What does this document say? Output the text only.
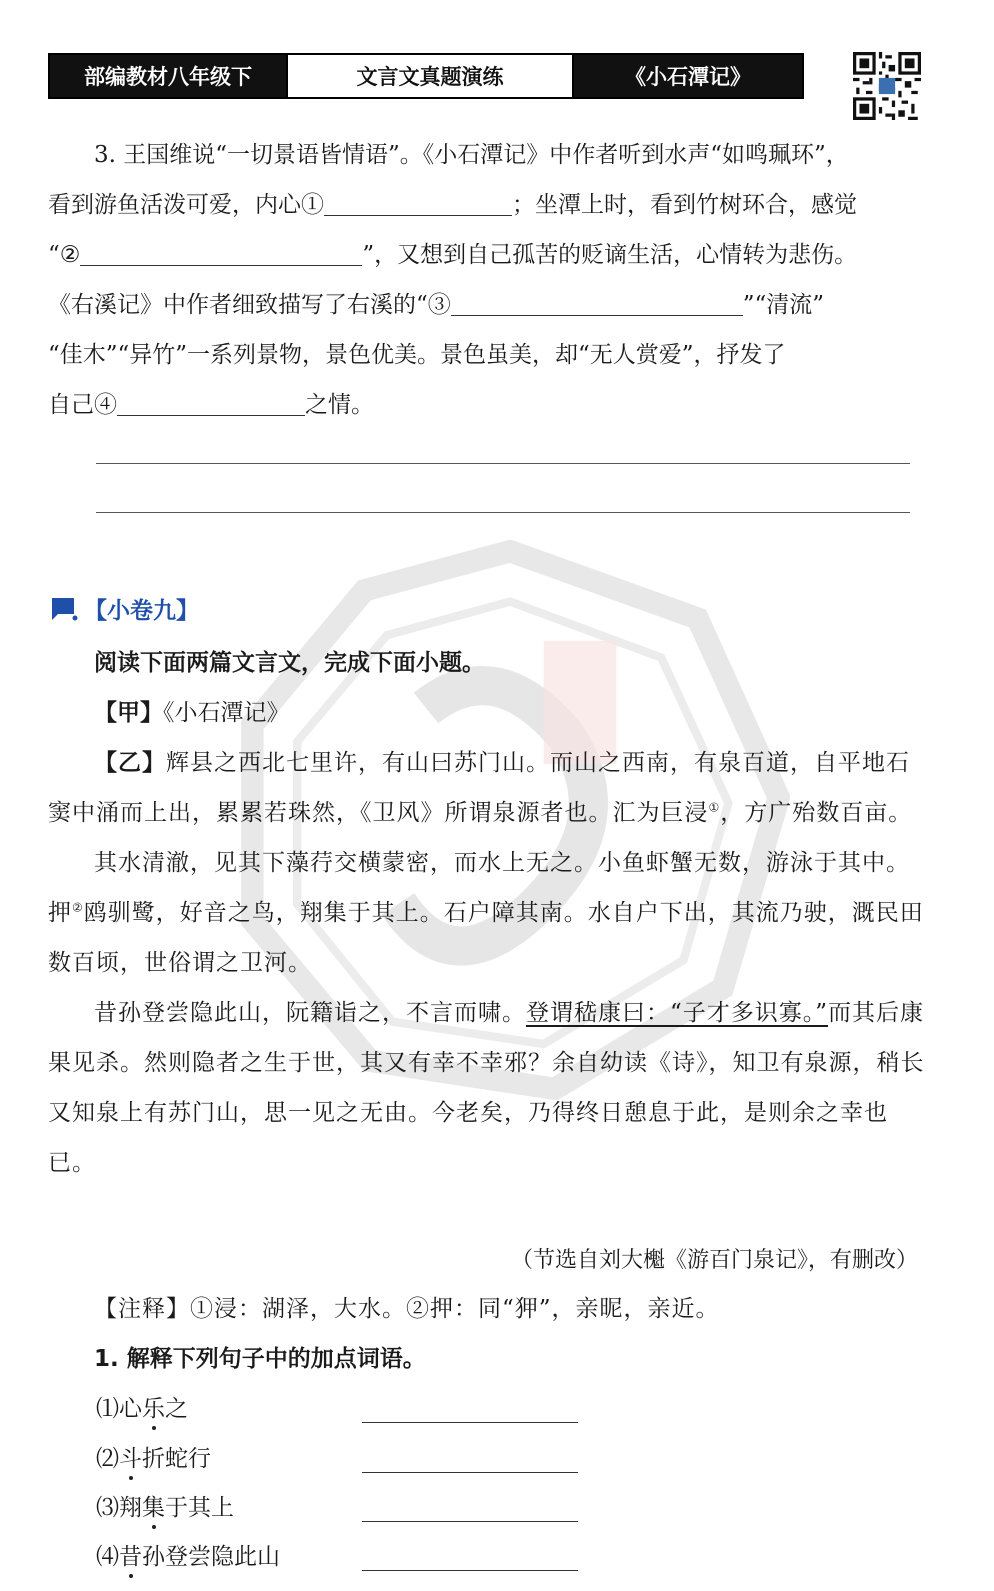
部编教材八年级下	文言文真题演练	《小石潭记》

3. 王国维说“一切景语皆情语”。《小石潭记》中作者听到水声“如鸣珮环”，

看到游鱼活泼可爱，内心①	；坐潭上时，看到竹树环合，感觉

“②	”，又想到自己孤苦的贬谪生活，心情转为悲伤。

《右溪记》中作者细致描写了右溪的“③	”“清流”

“佳木”“异竹”一系列景物，景色优美。景色虽美，却“无人赏爱”，抒发了

自己④	之情。

【小卷九】

阅读下面两篇文言文，完成下面小题。

【甲】《小石潭记》

【乙】辉县之西北七里许，有山曰苏门山。而山之西南，有泉百道，自平地石窦中涌而上出，累累若珠然，《卫风》所谓泉源者也。汇为巨浸①，方广殆数百亩。

其水清澈，见其下藻荇交横蒙密，而水上无之。小鱼虾蟹无数，游泳于其中。押②鸥驯鹭，好音之鸟，翔集于其上。石户障其南。水自户下出，其流乃驶，溉民田数百顷，世俗谓之卫河。

昔孙登尝隐此山，阮籍诣之，不言而啸。登谓嵇康曰：“子才多识寡。”而其后康果见杀。然则隐者之生于世，其又有幸不幸邪？余自幼读《诗》，知卫有泉源，稍长又知泉上有苏门山，思一见之无由。今老矣，乃得终日憩息于此，是则余之幸也已。

（节选自刘大櫆《游百门泉记》，有删改）

【注释】①浸：湖泽，大水。②押：同“狎”，亲昵，亲近。

1. 解释下列句子中的加点词语。

⑴心乐之
⑵斗折蛇行
⑶翔集于其上
⑷昔孙登尝隐此山
